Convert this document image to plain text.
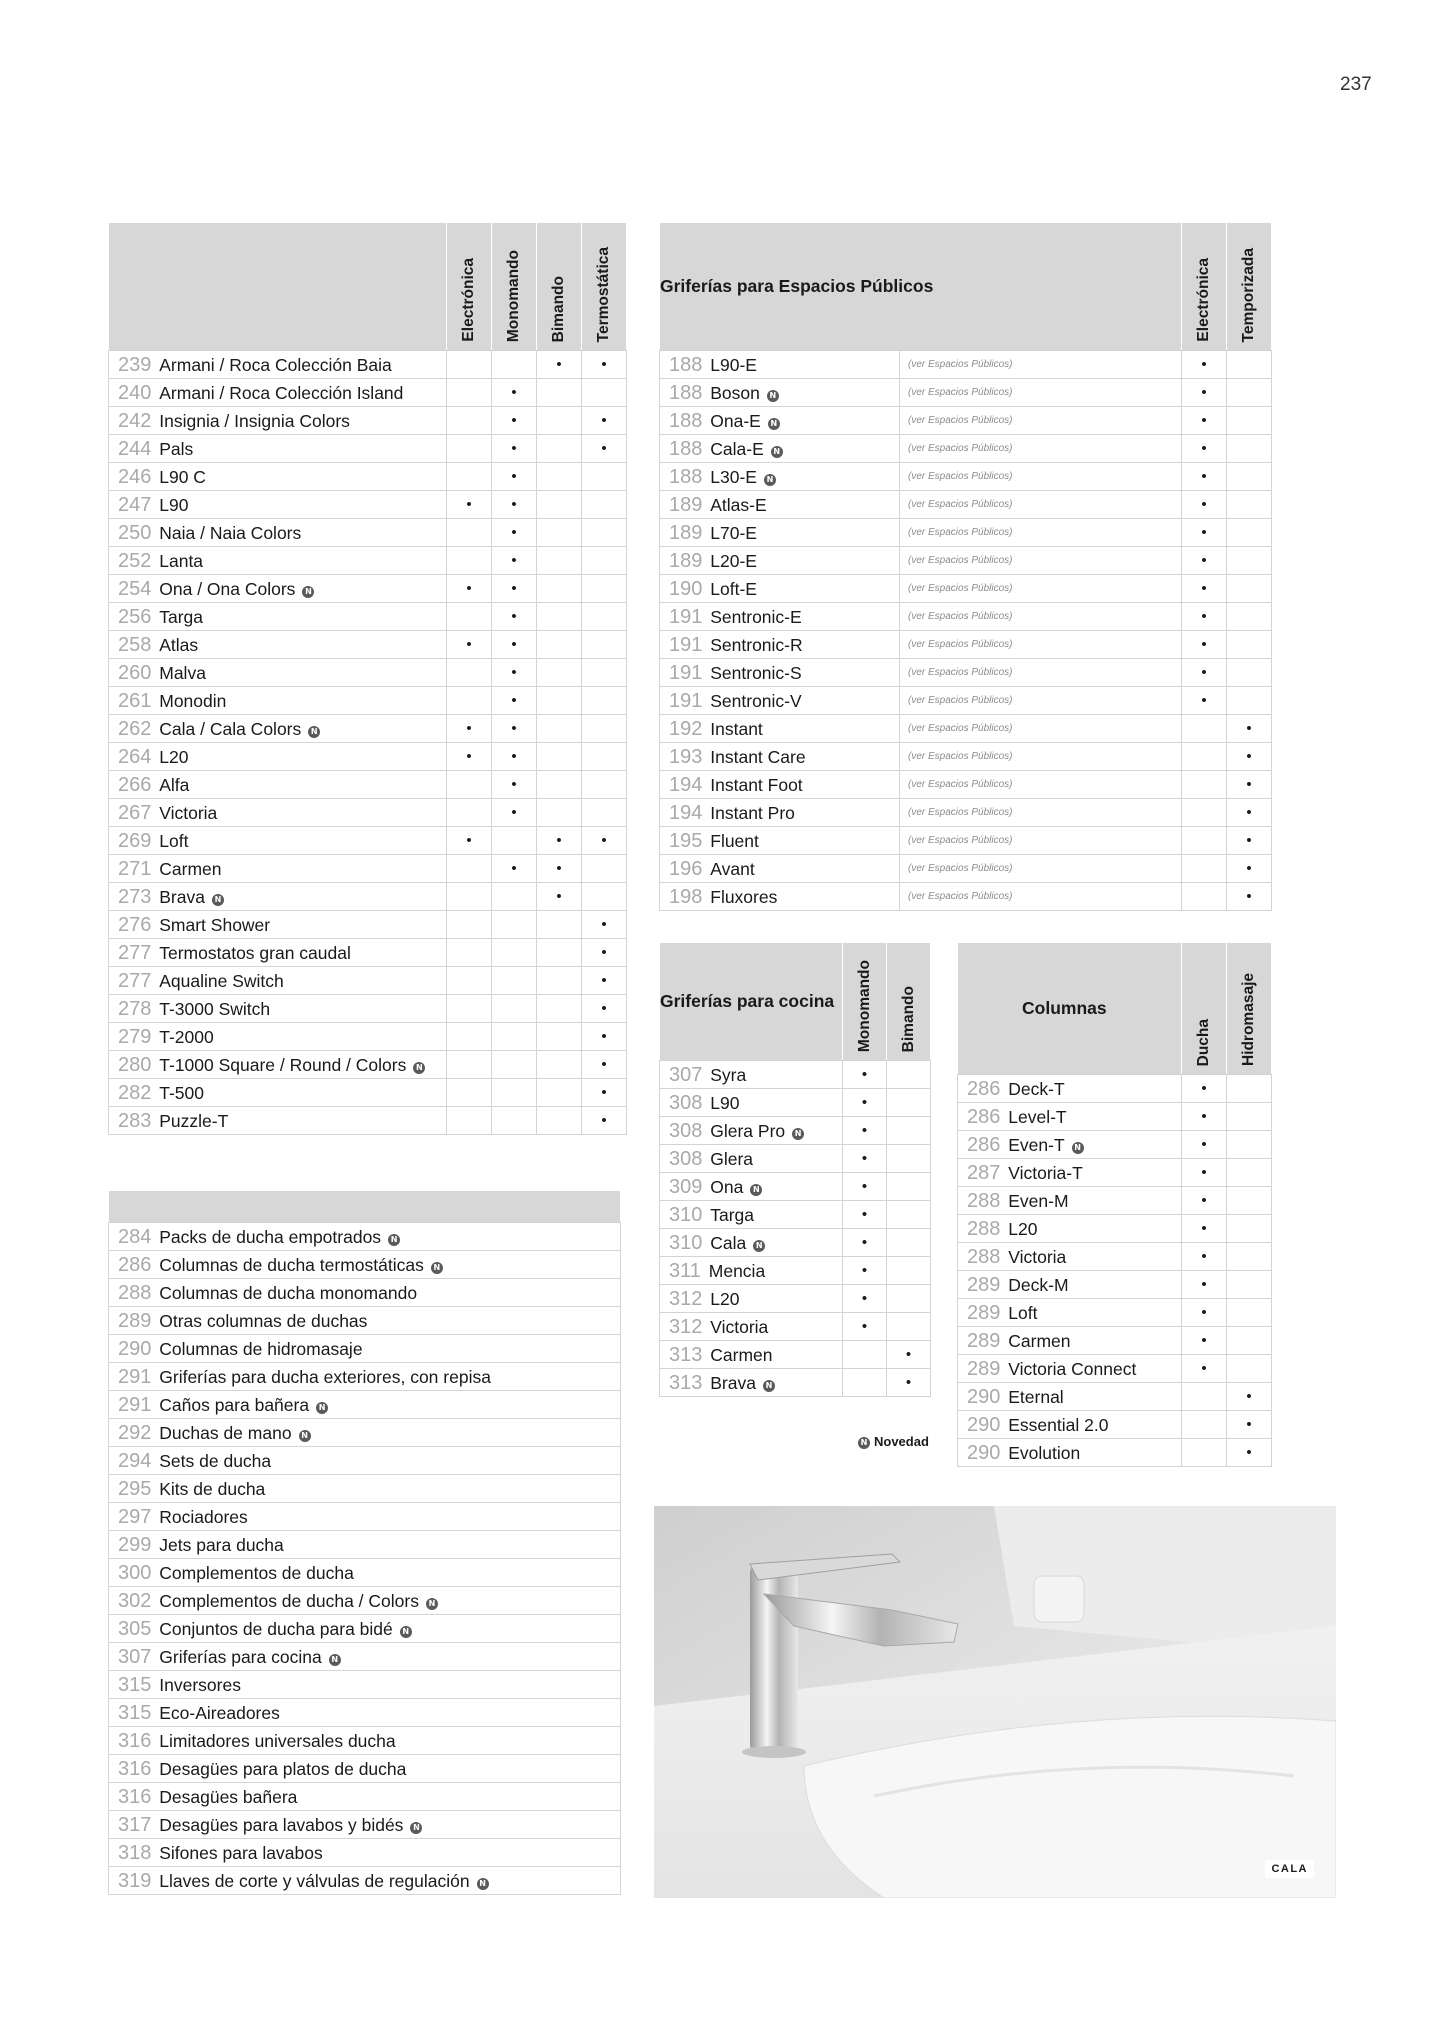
237

	Electrónica	Monomando	Bimando	Termostática

239 Armani / Roca Colección Baia			•	•
240 Armani / Roca Colección Island		•		
242 Insignia / Insignia Colors		•		•
244 Pals		•		•
246 L90 C		•		
247 L90	•	•		
250 Naia / Naia Colors		•		
252 Lanta		•		
254 Ona / Ona Colors N	•	•		
256 Targa		•		
258 Atlas	•	•		
260 Malva		•		
261 Monodin		•		
262 Cala / Cala Colors N	•	•		
264 L20	•	•		
266 Alfa		•		
267 Victoria		•		
269 Loft	•		•	•
271 Carmen		•	•	
273 Brava N			•	
276 Smart Shower				•
277 Termostatos gran caudal				•
277 Aqualine Switch				•
278 T-3000 Switch				•
279 T-2000				•
280 T-1000 Square / Round / Colors N				•
282 T-500				•
283 Puzzle-T				•
Griferías para Espacios Públicos		Electrónica	Temporizada

188 L90-E	(ver Espacios Públicos)	•	
188 Boson N	(ver Espacios Públicos)	•	
188 Ona-E N	(ver Espacios Públicos)	•	
188 Cala-E N	(ver Espacios Públicos)	•	
188 L30-E N	(ver Espacios Públicos)	•	
189 Atlas-E	(ver Espacios Públicos)	•	
189 L70-E	(ver Espacios Públicos)	•	
189 L20-E	(ver Espacios Públicos)	•	
190 Loft-E	(ver Espacios Públicos)	•	
191 Sentronic-E	(ver Espacios Públicos)	•	
191 Sentronic-R	(ver Espacios Públicos)	•	
191 Sentronic-S	(ver Espacios Públicos)	•	
191 Sentronic-V	(ver Espacios Públicos)	•	
192 Instant	(ver Espacios Públicos)		•
193 Instant Care	(ver Espacios Públicos)		•
194 Instant Foot	(ver Espacios Públicos)		•
194 Instant Pro	(ver Espacios Públicos)		•
195 Fluent	(ver Espacios Públicos)		•
196 Avant	(ver Espacios Públicos)		•
198 Fluxores	(ver Espacios Públicos)		•
Griferías para cocina	Monomando	Bimando

307 Syra	•	
308 L90	•	
308 Glera Pro N	•	
308 Glera	•	
309 Ona N	•	
310 Targa	•	
310 Cala N	•	
311 Mencia	•	
312 L20	•	
312 Victoria	•	
313 Carmen		•
313 Brava N		•
N Novedad
Columnas	Ducha	Hidromasaje

286 Deck-T	•	
286 Level-T	•	
286 Even-T N	•	
287 Victoria-T	•	
288 Even-M	•	
288 L20	•	
288 Victoria	•	
289 Deck-M	•	
289 Loft	•	
289 Carmen	•	
289 Victoria Connect	•	
290 Eternal		•
290 Essential 2.0		•
290 Evolution		•

284 Packs de ducha empotrados N
286 Columnas de ducha termostáticas N
288 Columnas de ducha monomando
289 Otras columnas de duchas
290 Columnas de hidromasaje
291 Griferías para ducha exteriores, con repisa
291 Caños para bañera N
292 Duchas de mano N
294 Sets de ducha
295 Kits de ducha
297 Rociadores
299 Jets para ducha
300 Complementos de ducha
302 Complementos de ducha / Colors N
305 Conjuntos de ducha para bidé N
307 Griferías para cocina N
315 Inversores
315 Eco-Aireadores
316 Limitadores universales ducha
316 Desagües para platos de ducha
316 Desagües bañera
317 Desagües para lavabos y bidés N
318 Sifones para lavabos
319 Llaves de corte y válvulas de regulación N
CALA
